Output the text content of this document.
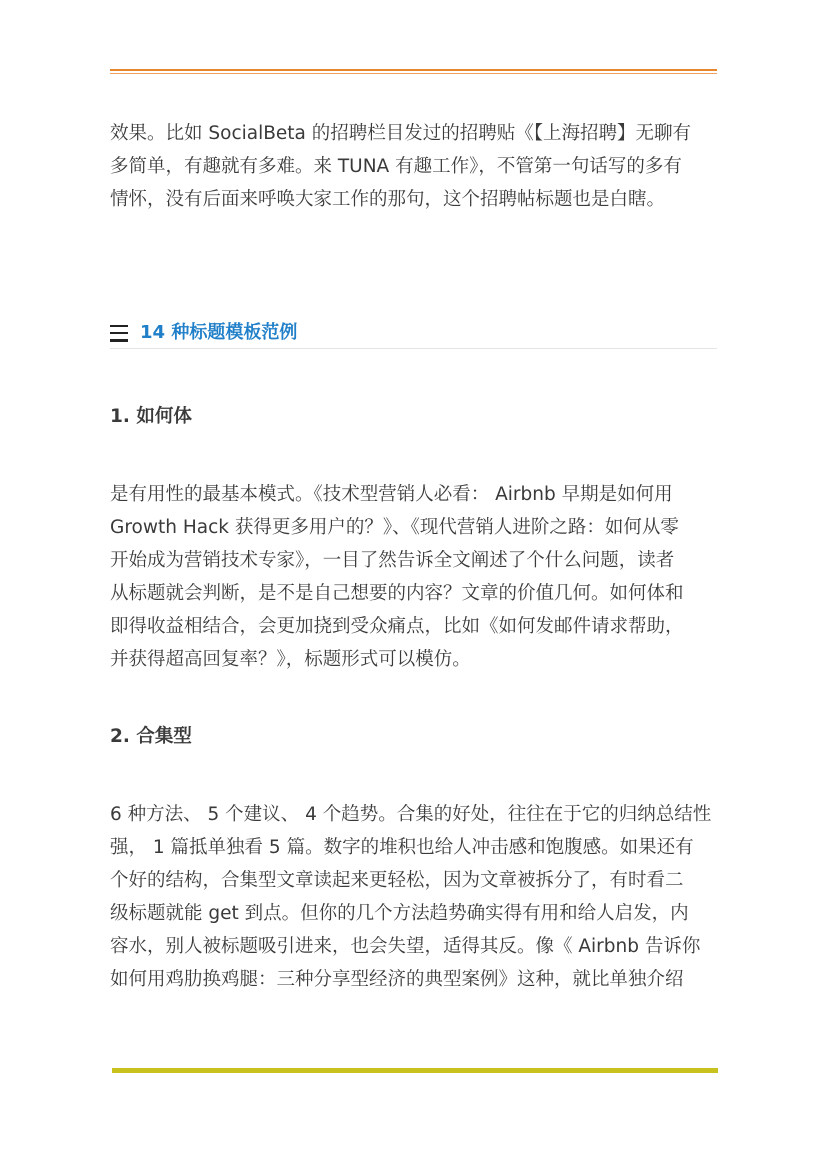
效果。比如 SocialBeta 的招聘栏目发过的招聘贴《【上海招聘】无聊有
多简单，有趣就有多难。来 TUNA 有趣工作》，不管第一句话写的多有
情怀，没有后面来呼唤大家工作的那句，这个招聘帖标题也是白瞎。

14 种标题模板范例
1. 如何体

是有用性的最基本模式。《技术型营销人必看： Airbnb 早期是如何用
Growth Hack 获得更多用户的？》、《现代营销人进阶之路：如何从零
开始成为营销技术专家》，一目了然告诉全文阐述了个什么问题，读者
从标题就会判断，是不是自己想要的内容？文章的价值几何。如何体和
即得收益相结合，会更加挠到受众痛点，比如《如何发邮件请求帮助，
并获得超高回复率？》，标题形式可以模仿。

2. 合集型

6 种方法、 5 个建议、 4 个趋势。合集的好处，往往在于它的归纳总结性
强， 1 篇抵单独看 5 篇。数字的堆积也给人冲击感和饱腹感。如果还有
个好的结构，合集型文章读起来更轻松，因为文章被拆分了，有时看二
级标题就能 get 到点。但你的几个方法趋势确实得有用和给人启发，内
容水，别人被标题吸引进来，也会失望，适得其反。像《 Airbnb 告诉你
如何用鸡肋换鸡腿：三种分享型经济的典型案例》这种，就比单独介绍
